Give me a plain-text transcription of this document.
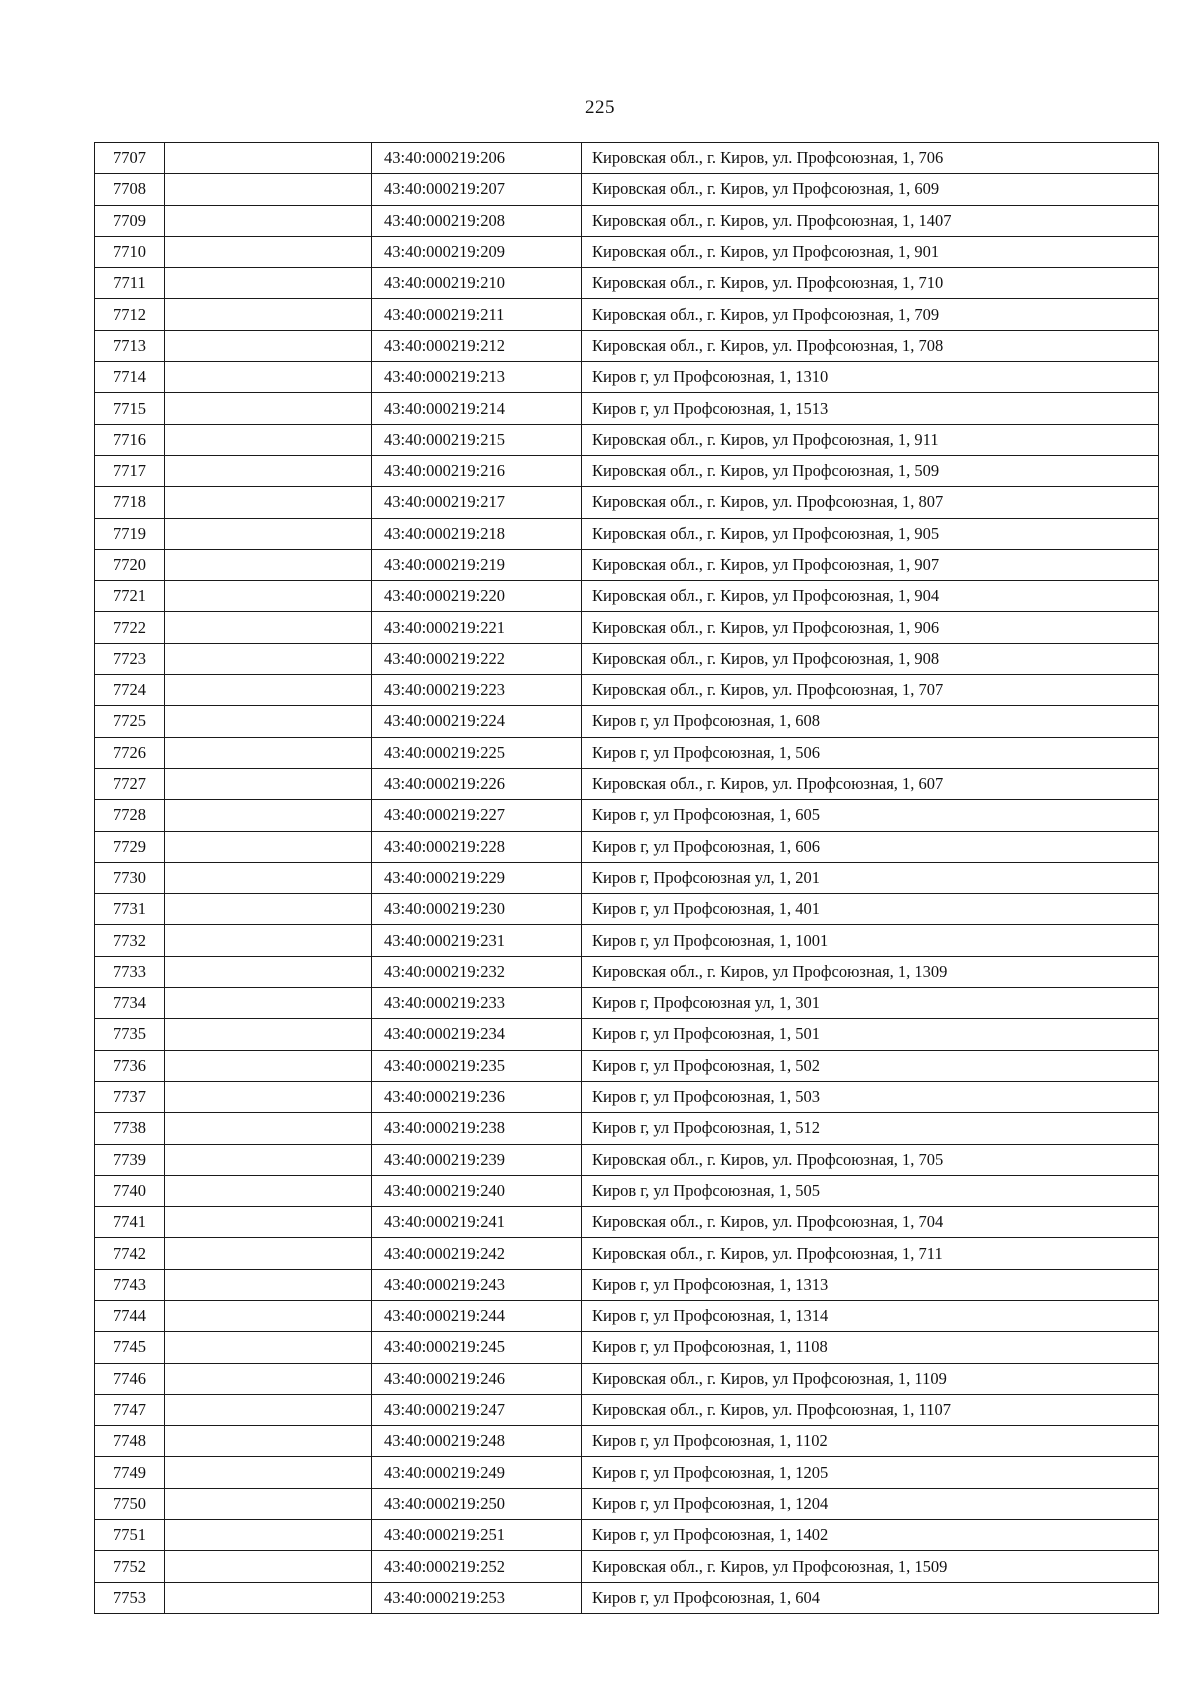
225
7707		43:40:000219:206	Кировская обл., г. Киров, ул. Профсоюзная, 1, 706
7708		43:40:000219:207	Кировская обл., г. Киров, ул Профсоюзная, 1, 609
7709		43:40:000219:208	Кировская обл., г. Киров, ул. Профсоюзная, 1, 1407
7710		43:40:000219:209	Кировская обл., г. Киров, ул Профсоюзная, 1, 901
7711		43:40:000219:210	Кировская обл., г. Киров, ул. Профсоюзная, 1, 710
7712		43:40:000219:211	Кировская обл., г. Киров, ул Профсоюзная, 1, 709
7713		43:40:000219:212	Кировская обл., г. Киров, ул. Профсоюзная, 1, 708
7714		43:40:000219:213	Киров г, ул Профсоюзная, 1, 1310
7715		43:40:000219:214	Киров г, ул Профсоюзная, 1, 1513
7716		43:40:000219:215	Кировская обл., г. Киров, ул Профсоюзная, 1, 911
7717		43:40:000219:216	Кировская обл., г. Киров, ул Профсоюзная, 1, 509
7718		43:40:000219:217	Кировская обл., г. Киров, ул. Профсоюзная, 1, 807
7719		43:40:000219:218	Кировская обл., г. Киров, ул Профсоюзная, 1, 905
7720		43:40:000219:219	Кировская обл., г. Киров, ул Профсоюзная, 1, 907
7721		43:40:000219:220	Кировская обл., г. Киров, ул Профсоюзная, 1, 904
7722		43:40:000219:221	Кировская обл., г. Киров, ул Профсоюзная, 1, 906
7723		43:40:000219:222	Кировская обл., г. Киров, ул Профсоюзная, 1, 908
7724		43:40:000219:223	Кировская обл., г. Киров, ул. Профсоюзная, 1, 707
7725		43:40:000219:224	Киров г, ул Профсоюзная, 1, 608
7726		43:40:000219:225	Киров г, ул Профсоюзная, 1, 506
7727		43:40:000219:226	Кировская обл., г. Киров, ул. Профсоюзная, 1, 607
7728		43:40:000219:227	Киров г, ул Профсоюзная, 1, 605
7729		43:40:000219:228	Киров г, ул Профсоюзная, 1, 606
7730		43:40:000219:229	Киров г, Профсоюзная ул, 1, 201
7731		43:40:000219:230	Киров г, ул Профсоюзная, 1, 401
7732		43:40:000219:231	Киров г, ул Профсоюзная, 1, 1001
7733		43:40:000219:232	Кировская обл., г. Киров, ул Профсоюзная, 1, 1309
7734		43:40:000219:233	Киров г, Профсоюзная ул, 1, 301
7735		43:40:000219:234	Киров г, ул Профсоюзная, 1, 501
7736		43:40:000219:235	Киров г, ул Профсоюзная, 1, 502
7737		43:40:000219:236	Киров г, ул Профсоюзная, 1, 503
7738		43:40:000219:238	Киров г, ул Профсоюзная, 1, 512
7739		43:40:000219:239	Кировская обл., г. Киров, ул. Профсоюзная, 1, 705
7740		43:40:000219:240	Киров г, ул Профсоюзная, 1, 505
7741		43:40:000219:241	Кировская обл., г. Киров, ул. Профсоюзная, 1, 704
7742		43:40:000219:242	Кировская обл., г. Киров, ул. Профсоюзная, 1, 711
7743		43:40:000219:243	Киров г, ул Профсоюзная, 1, 1313
7744		43:40:000219:244	Киров г, ул Профсоюзная, 1, 1314
7745		43:40:000219:245	Киров г, ул Профсоюзная, 1, 1108
7746		43:40:000219:246	Кировская обл., г. Киров, ул Профсоюзная, 1, 1109
7747		43:40:000219:247	Кировская обл., г. Киров, ул. Профсоюзная, 1, 1107
7748		43:40:000219:248	Киров г, ул Профсоюзная, 1, 1102
7749		43:40:000219:249	Киров г, ул Профсоюзная, 1, 1205
7750		43:40:000219:250	Киров г, ул Профсоюзная, 1, 1204
7751		43:40:000219:251	Киров г, ул Профсоюзная, 1, 1402
7752		43:40:000219:252	Кировская обл., г. Киров, ул Профсоюзная, 1, 1509
7753		43:40:000219:253	Киров г, ул Профсоюзная, 1, 604
